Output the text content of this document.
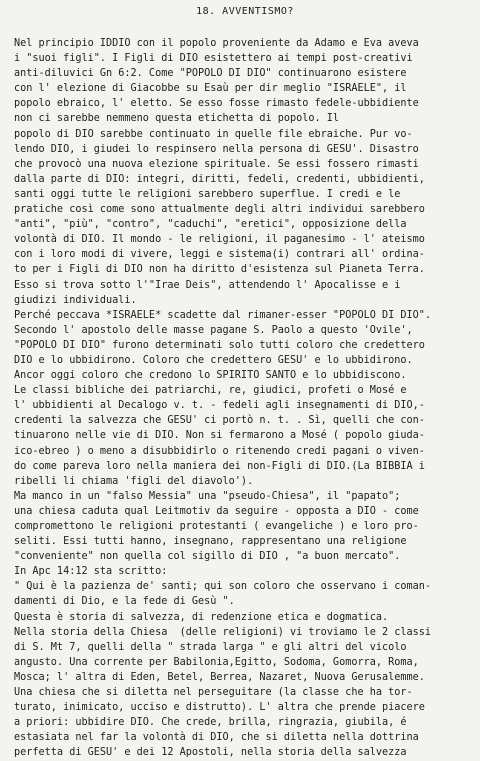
18. AVVENTISMO?
Nel principio IDDIO con il popolo proveniente da Adamo e Eva aveva
i "suoi figli". I Figli di DIO esistettero ai tempi post-creativi
anti-diluvici Gn 6:2. Come "POPOLO DI DIO" continuarono esistere
con l' elezione di Giacobbe su Esaù per dir meglio "ISRAELE", il
popolo ebraico, l' eletto. Se esso fosse rimasto fedele-ubbidiente
non ci sarebbe nemmeno questa etichetta di popolo. Il
popolo di DIO sarebbe continuato in quelle file ebraiche. Pur vo-
lendo DIO, i giudei lo respinsero nella persona di GESU'. Disastro
che provocò una nuova elezione spirituale. Se essi fossero rimasti
dalla parte di DIO: integri, diritti, fedeli, credenti, ubbidienti,
santi oggi tutte le religioni sarebbero superflue. I credi e le
pratiche così come sono attualmente degli altri individui sarebbero
"anti", "più", "contro", "caduchi", "eretici", opposizione della
volontà di DIO. Il mondo - le religioni, il paganesimo - l' ateismo
con i loro modi di vivere, leggi e sistema(i) contrari all' ordina-
to per i Figli di DIO non ha diritto d'esistenza sul Pianeta Terra.
Esso si trova sotto l'"Irae Deis", attendendo l' Apocalisse e i
giudizi individuali.
Perché peccava *ISRAELE* scadette dal rimaner-esser "POPOLO DI DIO".
Secondo l' apostolo delle masse pagane S. Paolo a questo 'Ovile',
"POPOLO DI DIO" furono determinati solo tutti coloro che credettero
DIO e lo ubbidirono. Coloro che credettero GESU' e lo ubbidirono.
Ancor oggi coloro che credono lo SPIRITO SANTO e lo ubbidiscono.
Le classi bibliche dei patriarchi, re, giudici, profeti o Mosé e
l' ubbidienti al Decalogo v. t. - fedeli agli insegnamenti di DIO,-
credenti la salvezza che GESU' ci portò n. t. . Sì, quelli che con-
tinuarono nelle vie di DIO. Non si fermarono a Mosé ( popolo giuda-
ico-ebreo ) o meno a disubbidirlo o ritenendo credi pagani o viven-
do come pareva loro nella maniera dei non-Figli di DIO.(La BIBBIA i
ribelli li chiama 'figli del diavolo').
Ma manco in un "falso Messia" una "pseudo-Chiesa", il "papato";
una chiesa caduta qual Leitmotiv da seguire - opposta a DIO - come
compromettono le religioni protestanti ( evangeliche ) e loro pro-
seliti. Essi tutti hanno, insegnano, rappresentano una religione
"conveniente" non quella col sigillo di DIO , "a buon mercato".
In Apc 14:12 sta scritto:
" Qui è la pazienza de' santi; qui son coloro che osservano i coman-
damenti di Dio, e la fede di Gesù ".
Questa è storia di salvezza, di redenzione etica e dogmatica.
Nella storia della Chiesa  (delle religioni) vi troviamo le 2 classi
di S. Mt 7, quelli della " strada larga " e gli altri del vicolo
angusto. Una corrente per Babilonia,Egitto, Sodoma, Gomorra, Roma,
Mosca; l' altra di Eden, Betel, Berrea, Nazaret, Nuova Gerusalemme.
Una chiesa che si diletta nel perseguitare (la classe che ha tor-
turato, inimicato, ucciso e distrutto). L' altra che prende piacere
a priori: ubbidire DIO. Che crede, brilla, ringrazia, giubila, é
estasiata nel far la volontà di DIO, che si diletta nella dottrina
perfetta di GESU' e dei 12 Apostoli, nella storia della salvezza
